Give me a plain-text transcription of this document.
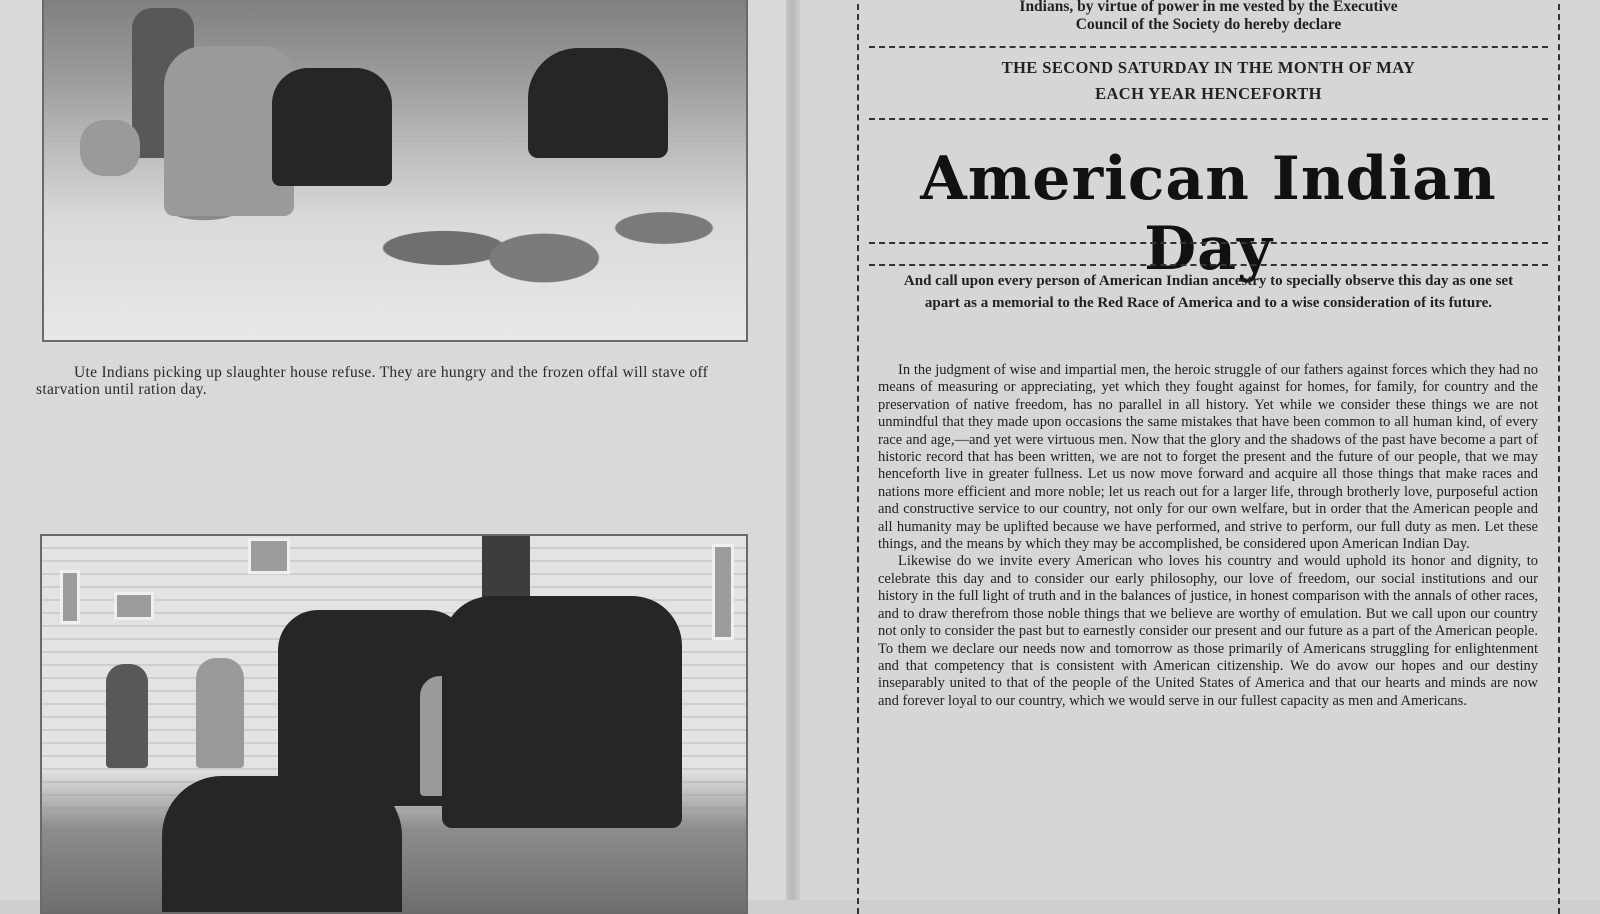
Ute Indians picking up slaughter house refuse. They are hungry and the frozen offal will stave off starvation until ration day.
Indians, by virtue of power in me vested by the Executive
Council of the Society do hereby declare
THE SECOND SATURDAY IN THE MONTH OF MAY
EACH YEAR HENCEFORTH
American Indian Day
And call upon every person of American Indian ancestry to specially observe this day as one set apart as a memorial to the Red Race of America and to a wise consideration of its future.

In the judgment of wise and impartial men, the heroic struggle of our fathers against forces which they had no means of measuring or appreciating, yet which they fought against for homes, for family, for country and the preservation of native freedom, has no parallel in all history. Yet while we consider these things we are not unmindful that they made upon occasions the same mistakes that have been common to all human kind, of every race and age,—and yet were virtuous men. Now that the glory and the shadows of the past have become a part of historic record that has been written, we are not to forget the present and the future of our people, that we may henceforth live in greater fullness. Let us now move forward and acquire all those things that make races and nations more efficient and more noble; let us reach out for a larger life, through brotherly love, purposeful action and constructive service to our country, not only for our own welfare, but in order that the American people and all humanity may be uplifted because we have performed, and strive to perform, our full duty as men. Let these things, and the means by which they may be accomplished, be considered upon American Indian Day.

Likewise do we invite every American who loves his country and would uphold its honor and dignity, to celebrate this day and to consider our early philosophy, our love of freedom, our social institutions and our history in the full light of truth and in the balances of justice, in honest comparison with the annals of other races, and to draw therefrom those noble things that we believe are worthy of emulation. But we call upon our country not only to consider the past but to earnestly consider our present and our future as a part of the American people. To them we declare our needs now and tomorrow as those primarily of Americans struggling for enlightenment and that competency that is consistent with American citizenship. We do avow our hopes and our destiny inseparably united to that of the people of the United States of America and that our hearts and minds are now and forever loyal to our country, which we would serve in our fullest capacity as men and Americans.
